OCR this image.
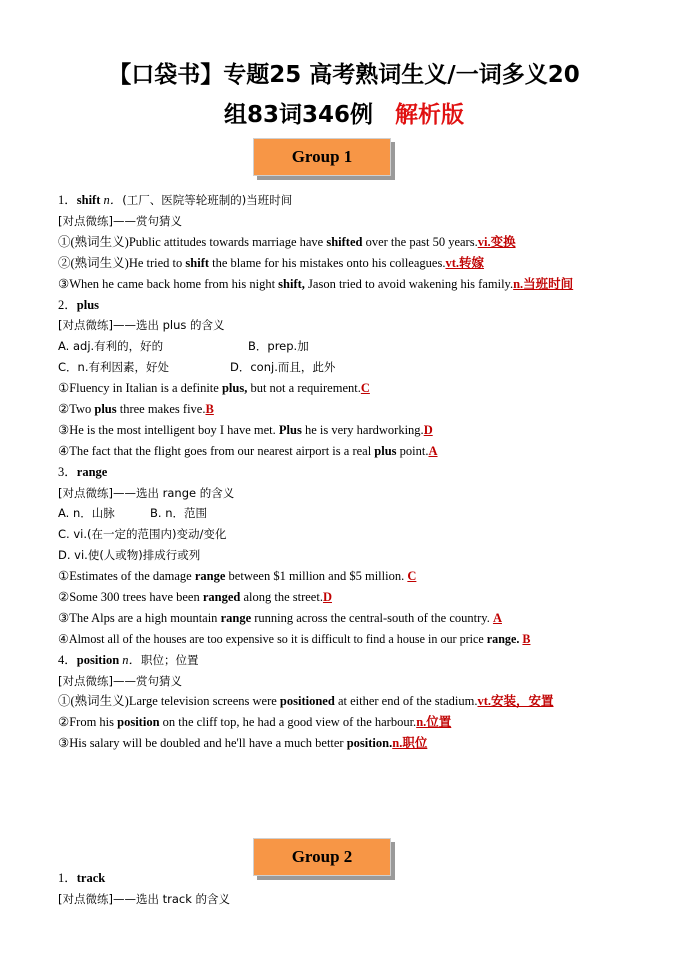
【口袋书】专题25 高考熟词生义/一词多义20
组83词346例 解析版
Group 1
1．shift n．(工厂、医院等轮班制的)当班时间
[对点微练]——赏句猜义
①(熟词生义)Public attitudes towards marriage have shifted over the past 50 years.vi.变换
②(熟词生义)He tried to shift the blame for his mistakes onto his colleagues.vt.转嫁
③When he came back home from his night shift, Jason tried to avoid wakening his family.n.当班时间
2．plus
[对点微练]——选出 plus 的含义
A. adj.有利的，好的	B．prep.加
C．n.有利因素，好处	D．conj.而且，此外
①Fluency in Italian is a definite plus, but not a requirement.C
②Two plus three makes five.B
③He is the most intelligent boy I have met. Plus he is very hardworking.D
④The fact that the flight goes from our nearest airport is a real plus point.A
3．range
[对点微练]——选出 range 的含义
A. n．山脉	B. n．范围
C. vi.(在一定的范围内)变动/变化
D. vi.使(人或物)排成行或列
①Estimates of the damage range between $1 million and $5 million. C
②Some 300 trees have been ranged along the street.D
③The Alps are a high mountain range running across the central-south of the country. A
④Almost all of the houses are too expensive so it is difficult to find a house in our price range. B
4．position n．职位；位置
[对点微练]——赏句猜义
①(熟词生义)Large television screens were positioned at either end of the stadium.vt.安装，安置
②From his position on the cliff top, he had a good view of the harbour.n.位置
③His salary will be doubled and he'll have a much better position.n.职位
Group 2
1．track
[对点微练]——选出 track 的含义
